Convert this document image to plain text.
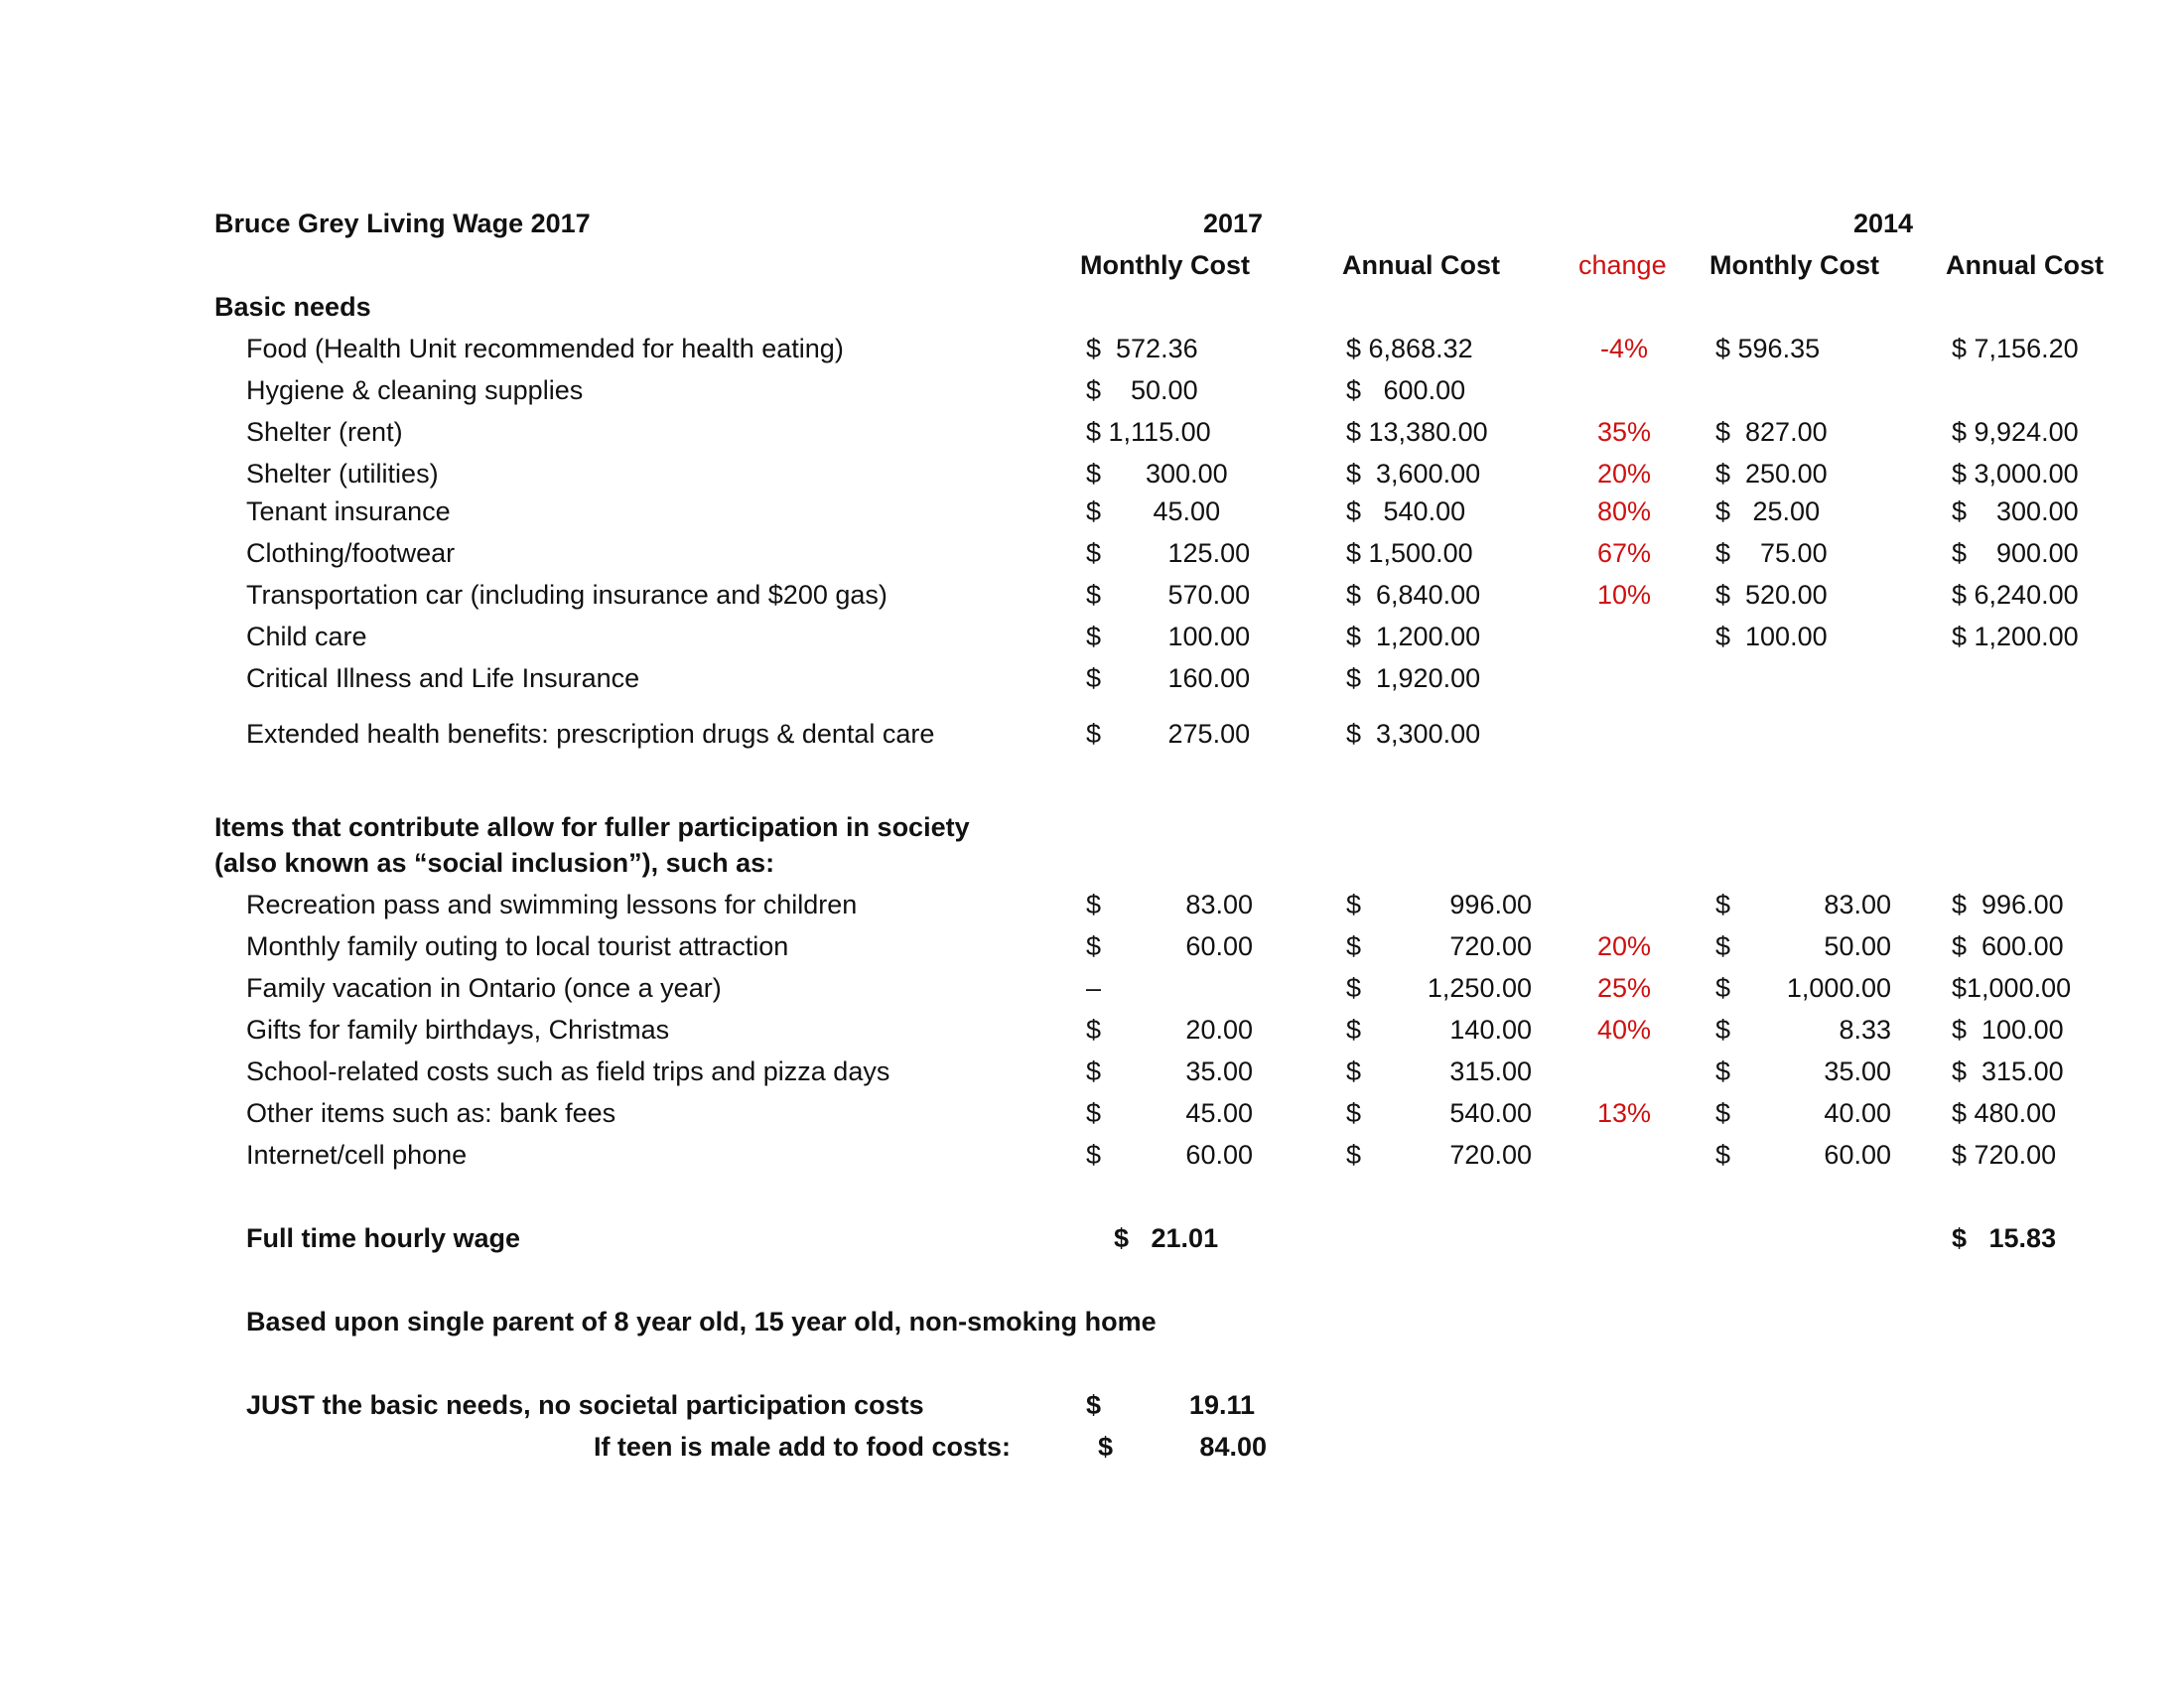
Bruce Grey Living Wage 2017	2017	2014
Monthly Cost	Annual Cost	change Monthly Cost Annual Cost
Basic needs
Food (Health Unit recommended for health eating)	$  572.36	$ 6,868.32	-4%	$ 596.35	$ 7,156.20
Hygiene & cleaning supplies	$    50.00	$   600.00
Shelter (rent)	$ 1,115.00	$ 13,380.00	35% $  827.00	$ 9,924.00
Shelter (utilities)	$      300.00	$  3,600.00	20% $  250.00	$ 3,000.00
Tenant insurance	$       45.00	$   540.00	80% $   25.00	$    300.00
Clothing/footwear	$         125.00	$ 1,500.00	67% $    75.00	$    900.00
Transportation car (including insurance and $200 gas)	$         570.00	$  6,840.00	10% $  520.00	$ 6,240.00
Child care	$         100.00	$  1,200.00	$  100.00	$ 1,200.00
Critical Illness and Life Insurance	$         160.00	$  1,920.00
Extended health benefits: prescription drugs & dental care	$         275.00	$  3,300.00
Items that contribute allow for fuller participation in society
(also known as “social inclusion”), such as:
Recreation pass and swimming lessons for children	$	83.00	$	996.00	$	83.00 $  996.00
Monthly family outing to local tourist attraction	$	60.00	$	720.00 20% $	50.00 $  600.00
Family vacation in Ontario (once a year)	–	$ 1,250.00 25% $ 1,000.00 $1,000.00
Gifts for family birthdays, Christmas	$	20.00	$	140.00 40% $	8.33 $  100.00
School-related costs such as field trips and pizza days	$	35.00	$	315.00	$	35.00 $  315.00
Other items such as: bank fees	$	45.00	$	540.00 13% $	40.00 $ 480.00
Internet/cell phone	$	60.00	$	720.00	$	60.00 $ 720.00
Full time hourly wage	$   21.01	$   15.83
Based upon single parent of 8 year old, 15 year old, non-smoking home
JUST the basic needs, no societal participation costs	$	19.11
If teen is male add to food costs:	$	84.00
